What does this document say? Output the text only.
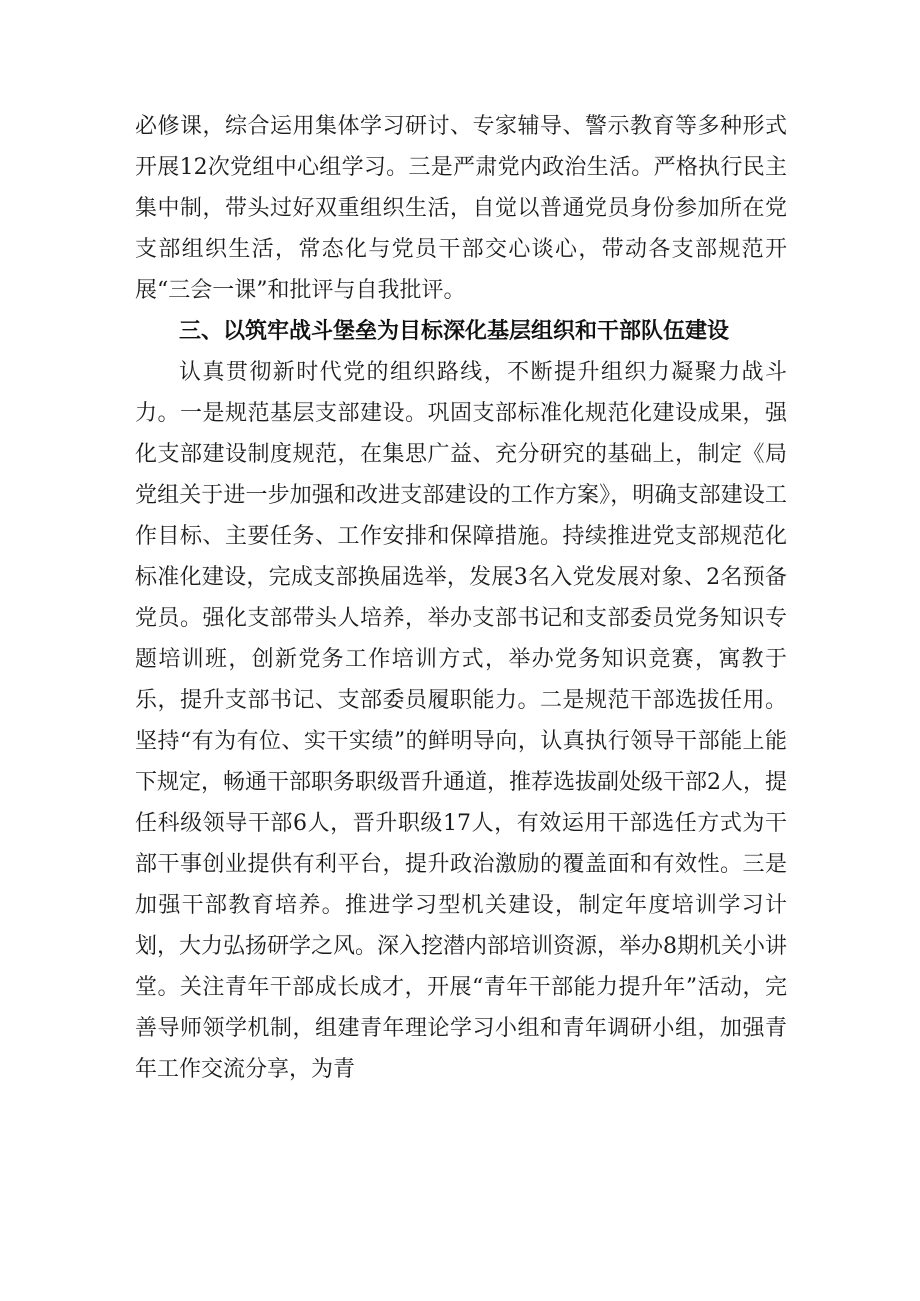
必修课，综合运用集体学习研讨、专家辅导、警示教育等多种形式开展12次党组中心组学习。三是严肃党内政治生活。严格执行民主集中制，带头过好双重组织生活，自觉以普通党员身份参加所在党支部组织生活，常态化与党员干部交心谈心，带动各支部规范开展“三会一课”和批评与自我批评。

三、以筑牢战斗堡垒为目标深化基层组织和干部队伍建设

认真贯彻新时代党的组织路线，不断提升组织力凝聚力战斗力。一是规范基层支部建设。巩固支部标准化规范化建设成果，强化支部建设制度规范，在集思广益、充分研究的基础上，制定《局党组关于进一步加强和改进支部建设的工作方案》，明确支部建设工作目标、主要任务、工作安排和保障措施。持续推进党支部规范化标准化建设，完成支部换届选举，发展3名入党发展对象、2名预备党员。强化支部带头人培养，举办支部书记和支部委员党务知识专题培训班，创新党务工作培训方式，举办党务知识竞赛，寓教于乐，提升支部书记、支部委员履职能力。二是规范干部选拔任用。坚持“有为有位、实干实绩”的鲜明导向，认真执行领导干部能上能下规定，畅通干部职务职级晋升通道，推荐选拔副处级干部2人，提任科级领导干部6人，晋升职级17人，有效运用干部选任方式为干部干事创业提供有利平台，提升政治激励的覆盖面和有效性。三是加强干部教育培养。推进学习型机关建设，制定年度培训学习计划，大力弘扬研学之风。深入挖潜内部培训资源，举办8期机关小讲堂。关注青年干部成长成才，开展“青年干部能力提升年”活动，完善导师领学机制，组建青年理论学习小组和青年调研小组，加强青年工作交流分享，为青
